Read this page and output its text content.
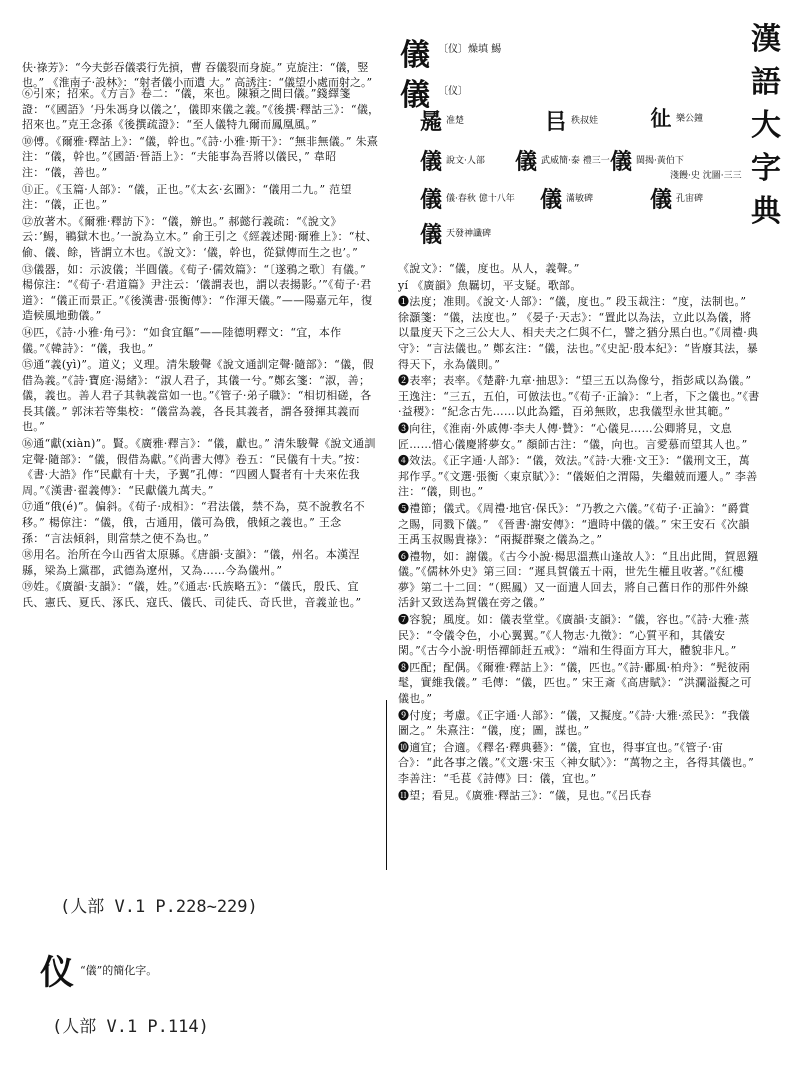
漢
語
大
字
典
伕·祿芳》：“今夫彭吞儀裘行先摃，曹 吞儀裂而身旋。” 克旋注：“儀，竪也。” 《淮南子·設林》：“射者儀小而遺 大。” 高誘注：“儀望小處而射之。”
儀 〔仪〕燥填 鯣
儀 〔仪〕
㒾准楚	㠯秩叔娃 𢓊樂公鐘
儀說文·人部 儀武威簡·泰 禮三一 儀閩揭·黃伯下
淺饅·史 沈圖·三三
儀儀·春秋 億十八年 儀滿敏碑	儀孔宙碑
儀天發神讖碑

⑥引來；招來。《方言》卷二：“儀，來也。陳潁之間曰儀。”錢繹箋證：“《國語》‘丹朱馮身以儀之’，儀即來儀之義。”《後撰·釋詁三》：“儀，招來也。”克王念孫《後撰疏證》：“至人儀特九爾而鳳凰風。”

⑩傅。《爾雅·釋詁上》：“儀，幹也。”《詩·小雅·斯干》：“無非無儀。” 朱熹注：“儀，幹也。”《國語·晉語上》：“夫能事為吾將以儀民，” 韋昭注：“儀，善也。”

⑪正。《玉篇·人部》：“儀，正也。”《太玄·玄圖》：“儀用二九。” 范望注：“儀，正也。”

⑫放著木。《爾雅·釋訪下》：“儀，辦也。” 郝懿行義疏：“《說文》云：’鯣，鶤獄木也。’一說為立木。” 俞王引之《經義述聞·爾雅上》：“杖、偷、儀、餘，皆謂立木也。《說文》：‘儀，幹也，從獄傳而生之也’。”

⑬儀器，如：示波儀；半圓儀。《荀子·儒效篇》：“〔遂鴉之歌〕有儀。” 楊倞注：“《荀子·君道篇》尹注云：‘儀謂表也，謂以表揚影。’”《荀子·君道》：“儀正而景正。”《後漢書·張衡傳》：“作渾天儀。”——陽嘉元年，復造候風地動儀。”

⑭匹，《詩·小雅·角弓》：“如食宜饇”——陸德明釋文：“宜，本作儀。”《韓詩》：“儀，我也。”

⑮通“義(yì)”。道义；义理。清朱駿聲《說文通訓定聲·隨部》：“儀，假借為義。”《詩·寶庭·湯緒》：“淑人君子，其儀一兮。”鄭玄箋：“淑，善；儀，義也。善人君子其執義當如一也。”《管子·弟子職》：“相切相磋，各長其儀。” 郭沫若等集校：“儀當為義，各長其義者，謂各發揮其義而也。”

⑯通“獻(xiàn)”。賢。《廣雅·釋言》：“儀，獻也。” 清朱駿聲《說文通訓定聲·隨部》：“儀，假借為獻。”《尚書大傳》卷五：“民儀有十夫。”按：《書·大誥》作“民獻有十夫，予翼”孔傳：“四國人賢者有十夫來佐我周。”《漢書·翟義傳》：“民獻儀九萬夫。”

⑰通“俄(é)”。偏斜。《荀子·成相》：“君法儀，禁不為，莫不說教名不移。” 楊倞注：“儀，俄，古通用，儀可為俄，俄傾之義也。” 王念孫：“言法傾斜，則當禁之使不為也。”

⑱用名。治所在今山西省太原縣。《唐韻·支韻》：“儀，州名。本漢涅縣，梁為上黨郡，武德為遼州，又為……今為儀州。”

⑲姓。《廣韻·支韻》：“儀，姓。”《通志·氏族略五》：“儀氏，殷氏、宜氏、憲氏、夏氏、涿氏、寇氏、儀氏、司徒氏、奇氏世，音義並也。”

(人部 V.1 P.228~229)
仪 “儀”的簡化字。
(人部 V.1 P.114)

《說文》：“儀，度也。从人，義聲。”

yí 《廣韻》魚羈切，平支疑。歌部。

❶法度；准則。《說文·人部》：“儀，度也。” 段玉裁注：“度，法制也。” 徐灝箋：“儀，法度也。” 《晏子·天志》：“置此以為法，立此以為儀，將以量度天下之三公大人、相夫夫之仁與不仁，譬之猶分黑白也。”《周禮·典守》：“言法儀也。” 鄭玄注：“儀，法也。”《史記·殷本紀》：“皆廢其法，暴得天下，永為儀則。”

❷表率；表率。《楚辭·九章·抽思》：“望三五以為像兮，指彭咸以為儀。” 王逸注：“三五，五伯，可倣法也。”《荀子·正論》：“上者，下之儀也。”《書·益稷》：“紀念古先……以此為鑑，百弟無敗，忠我儀型永世其範。”

❸向往，《淮南·外戚傳·李夫人傳·贊》：“心儀見……公卿將見，文息匠……惜心儀慶將夢女。” 顏師古注：“儀，向也。言愛慕而望其人也。”

❹效法。《正字通·人部》：“儀，效法。”《詩·大雅·文王》：“儀刑文王，萬邦作孚。”《文選·張衡〈東京賦〉》：“儀姬伯之渭陽，失繼兢而遷人。” 李善注：“儀，則也。”

❺禮節；儀式。《周禮·地官·保氏》：“乃教之六儀。”《荀子·正論》：“爵賞之賜，同戮下儀。” 《晉書·謝安傳》：“遣時中儀的儀。” 宋王安石《次韻王禹玉叔賜貴祿》：“兩擬群聚之儀為之。”

❻禮物，如：謝儀。《古今小說·楊思溫燕山逢故人》：“且出此間，賀恩鏹儀。”《儒林外史》第三回：“遲具賀儀五十兩，世先生權且收著。”《紅樓夢》第二十二回：“（熙鳳）又一面遣人回去，將自己舊日作的那件外線活針又致送為賀儀在旁之儀。”

❼容貌；風度。如：儀表堂堂。《廣韻·支韻》：“儀，容也。”《詩·大雅·蒸民》：“令儀令色，小心翼翼。”《人物志·九徵》：“心質平和，其儀安閑。”《古今小說·明悟禪師赶五戒》：“端和生得面方耳大，體貌非凡。”

❽匹配；配偶。《爾雅·釋詁上》：“儀，匹也。”《詩·鄘風·柏舟》：“髡彼兩髦，實維我儀。” 毛傳：“儀，匹也。” 宋王斎《高唐賦》：“洪瀾溢擬之可儀也。”

❾付度；考慮。《正字通·人部》：“儀，又擬度。”《詩·大雅·烝民》：“我儀圖之。” 朱熹注：“儀，度；圖，謀也。”

❿適宜；合適。《釋名·釋典藝》：“儀，宜也，得事宜也。”《管子·宙合》：“此各事之儀。”《文選·宋玉〈神女賦〉》：“萬物之主，各得其儀也。” 李善注：“毛萇《詩傳》曰：儀，宜也。”

⓫望；看見。《廣雅·釋詁三》：“儀，見也。”《呂氏春
